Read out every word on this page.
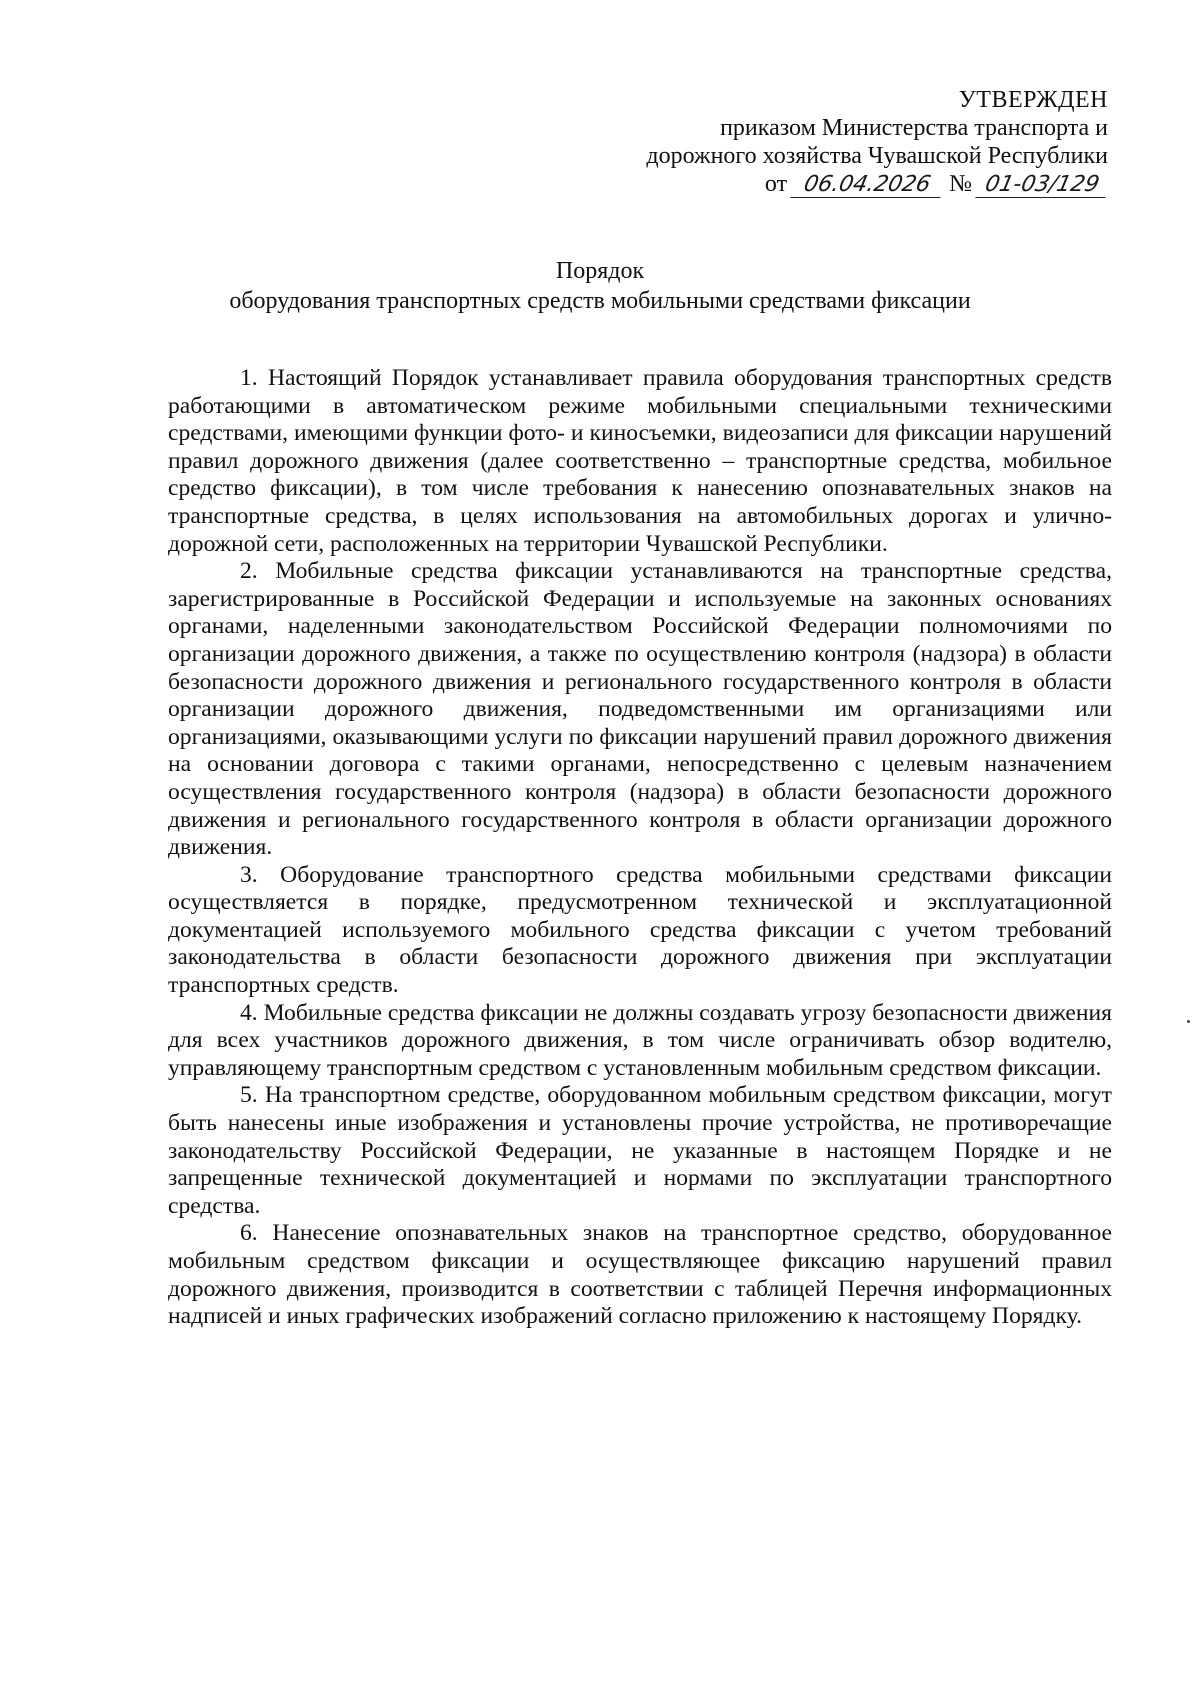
УТВЕРЖДЕН
приказом Министерства транспорта и
дорожного хозяйства Чувашской Республики
от 06.04.2026 № 01-03/129
Порядок
оборудования транспортных средств мобильными средствами фиксации

1. Настоящий Порядок устанавливает правила оборудования транспортных средств работающими в автоматическом режиме мобильными специальными техническими средствами, имеющими функции фото- и киносъемки, видеозаписи для фиксации нарушений правил дорожного движения (далее соответственно – транспортные средства, мобильное средство фиксации), в том числе требования к нанесению опознавательных знаков на транспортные средства, в целях использования на автомобильных дорогах и улично-дорожной сети, расположенных на территории Чувашской Республики.

2. Мобильные средства фиксации устанавливаются на транспортные средства, зарегистрированные в Российской Федерации и используемые на законных основаниях органами, наделенными законодательством Российской Федерации полномочиями по организации дорожного движения, а также по осуществлению контроля (надзора) в области безопасности дорожного движения и регионального государственного контроля в области организации дорожного движения, подведомственными им организациями или организациями, оказывающими услуги по фиксации нарушений правил дорожного движения на основании договора с такими органами, непосредственно с целевым назначением осуществления государственного контроля (надзора) в области безопасности дорожного движения и регионального государственного контроля в области организации дорожного движения.

3. Оборудование транспортного средства мобильными средствами фиксации осуществляется в порядке, предусмотренном технической и эксплуатационной документацией используемого мобильного средства фиксации с учетом требований законодательства в области безопасности дорожного движения при эксплуатации транспортных средств.

4. Мобильные средства фиксации не должны создавать угрозу безопасности движения для всех участников дорожного движения, в том числе ограничивать обзор водителю, управляющему транспортным средством с установленным мобильным средством фиксации.

5. На транспортном средстве, оборудованном мобильным средством фиксации, могут быть нанесены иные изображения и установлены прочие устройства, не противоречащие законодательству Российской Федерации, не указанные в настоящем Порядке и не запрещенные технической документацией и нормами по эксплуатации транспортного средства.

6. Нанесение опознавательных знаков на транспортное средство, оборудованное мобильным средством фиксации и осуществляющее фиксацию нарушений правил дорожного движения, производится в соответствии с таблицей Перечня информационных надписей и иных графических изображений согласно приложению к настоящему Порядку.
